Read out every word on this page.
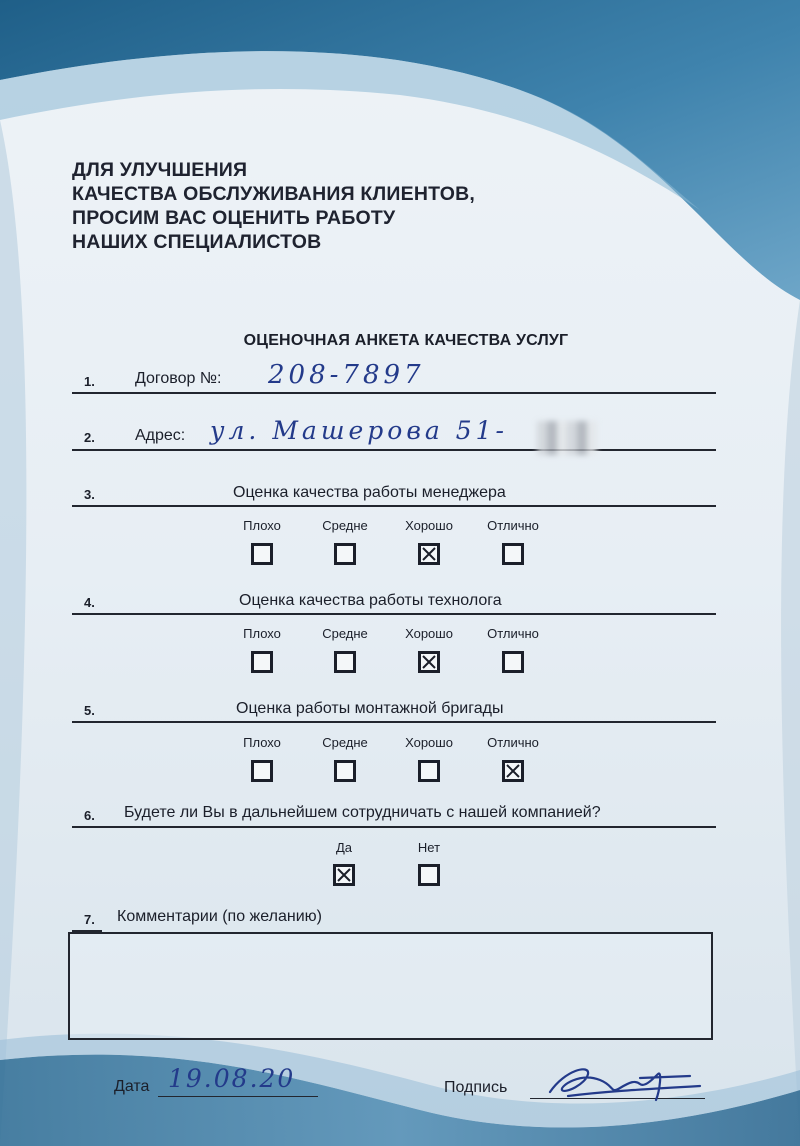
ДЛЯ УЛУЧШЕНИЯ
КАЧЕСТВА ОБСЛУЖИВАНИЯ КЛИЕНТОВ,
ПРОСИМ ВАС ОЦЕНИТЬ РАБОТУ
НАШИХ СПЕЦИАЛИСТОВ
ОЦЕНОЧНАЯ АНКЕТА КАЧЕСТВА УСЛУГ
1.	Договор №: 208-7897
2.	Адрес: ул. Машерова 51-
3.	Оценка качества работы менеджера
Плохо	Средне	Хорошо	Отлично
4.	Оценка качества работы технолога
Плохо	Средне	Хорошо	Отлично
5.	Оценка работы монтажной бригады
Плохо	Средне	Хорошо	Отлично
6. Будете ли Вы в дальнейшем сотрудничать с нашей компанией?
Да	Нет
7. Комментарии (по желанию)
Дата 19.08.20	Подпись
